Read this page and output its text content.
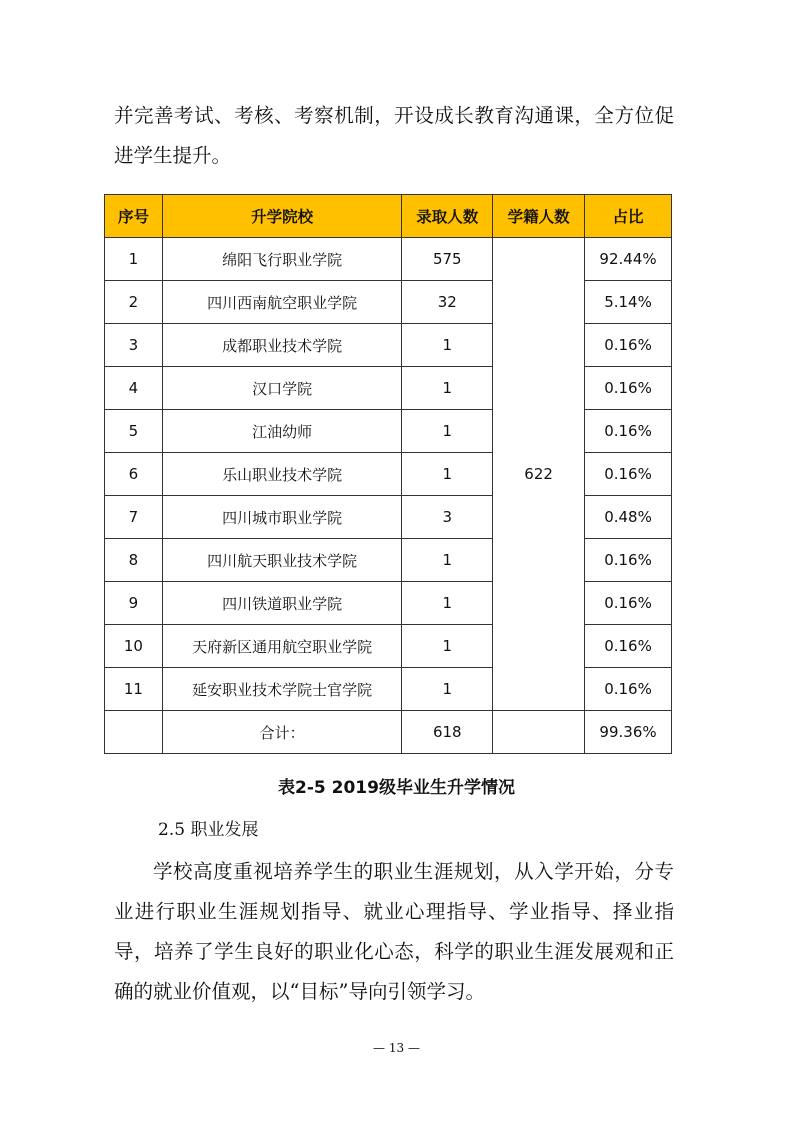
并完善考试、考核、考察机制，开设成长教育沟通课，全方位促进学生提升。

序号	升学院校	录取人数	学籍人数	占比
1	绵阳飞行职业学院	575	622	92.44%
2	四川西南航空职业学院	32		5.14%
3	成都职业技术学院	1		0.16%
4	汉口学院	1		0.16%
5	江油幼师	1		0.16%
6	乐山职业技术学院	1		0.16%
7	四川城市职业学院	3		0.48%
8	四川航天职业技术学院	1		0.16%
9	四川铁道职业学院	1		0.16%
10	天府新区通用航空职业学院	1		0.16%
11	延安职业技术学院士官学院	1		0.16%
	合计：	618		99.36%
表2-5 2019级毕业生升学情况
2.5 职业发展

学校高度重视培养学生的职业生涯规划，从入学开始，分专业进行职业生涯规划指导、就业心理指导、学业指导、择业指导，培养了学生良好的职业化心态，科学的职业生涯发展观和正确的就业价值观，以“目标”导向引领学习。

— 13 —
